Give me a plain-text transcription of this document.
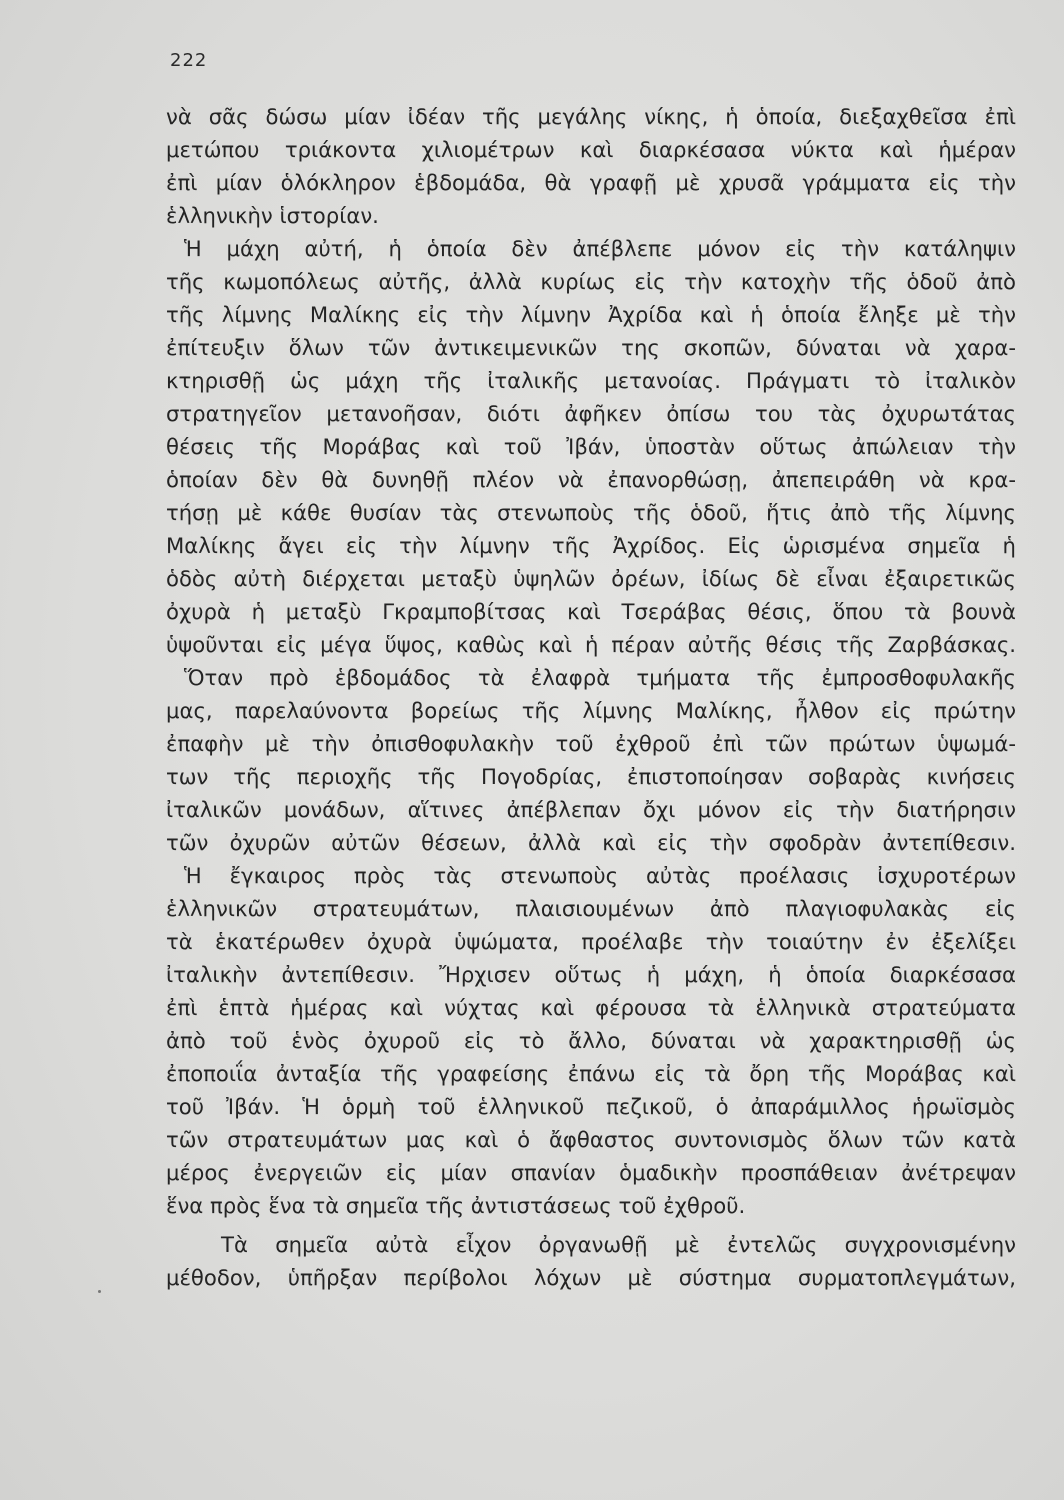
222
νὰ σᾶς δώσω μίαν ἰδέαν τῆς μεγάλης νίκης, ἡ ὁποία, διεξαχθεῖσα ἐπὶ
μετώπου τριάκοντα χιλιομέτρων καὶ διαρκέσασα νύκτα καὶ ἡμέραν
ἐπὶ μίαν ὁλόκληρον ἑβδομάδα, θὰ γραφῇ μὲ χρυσᾶ γράμματα εἰς τὴν
ἑλληνικὴν ἱστορίαν.
Ἡ μάχη αὐτή, ἡ ὁποία δὲν ἀπέβλεπε μόνον εἰς τὴν κατάληψιν
τῆς κωμοπόλεως αὐτῆς, ἀλλὰ κυρίως εἰς τὴν κατοχὴν τῆς ὁδοῦ ἀπὸ
τῆς λίμνης Μαλίκης εἰς τὴν λίμνην Ἀχρίδα καὶ ἡ ὁποία ἔληξε μὲ τὴν
ἐπίτευξιν ὅλων τῶν ἀντικειμενικῶν της σκοπῶν, δύναται νὰ χαρα-
κτηρισθῇ ὡς μάχη τῆς ἰταλικῆς μετανοίας. Πράγματι τὸ ἰταλικὸν
στρατηγεῖον μετανοῆσαν, διότι ἀφῆκεν ὀπίσω του τὰς ὀχυρωτάτας
θέσεις τῆς Μοράβας καὶ τοῦ Ἰβάν, ὑποστὰν οὕτως ἀπώλειαν τὴν
ὁποίαν δὲν θὰ δυνηθῇ πλέον νὰ ἐπανορθώσῃ, ἀπεπειράθη νὰ κρα-
τήσῃ μὲ κάθε θυσίαν τὰς στενωποὺς τῆς ὁδοῦ, ἥτις ἀπὸ τῆς λίμνης
Μαλίκης ἄγει εἰς τὴν λίμνην τῆς Ἀχρίδος. Εἰς ὡρισμένα σημεῖα ἡ
ὁδὸς αὐτὴ διέρχεται μεταξὺ ὑψηλῶν ὀρέων, ἰδίως δὲ εἶναι ἐξαιρετικῶς
ὀχυρὰ ἡ μεταξὺ Γκραμποβίτσας καὶ Τσεράβας θέσις, ὅπου τὰ βουνὰ
ὑψοῦνται εἰς μέγα ὕψος, καθὼς καὶ ἡ πέραν αὐτῆς θέσις τῆς Ζαρβάσκας.
Ὅταν πρὸ ἑβδομάδος τὰ ἐλαφρὰ τμήματα τῆς ἐμπροσθοφυλακῆς
μας, παρελαύνοντα βορείως τῆς λίμνης Μαλίκης, ἦλθον εἰς πρώτην
ἐπαφὴν μὲ τὴν ὀπισθοφυλακὴν τοῦ ἐχθροῦ ἐπὶ τῶν πρώτων ὑψωμά-
των τῆς περιοχῆς τῆς Πογοδρίας, ἐπιστοποίησαν σοβαρὰς κινήσεις
ἰταλικῶν μονάδων, αἵτινες ἀπέβλεπαν ὄχι μόνον εἰς τὴν διατήρησιν
τῶν ὀχυρῶν αὐτῶν θέσεων, ἀλλὰ καὶ εἰς τὴν σφοδρὰν ἀντεπίθεσιν.
Ἡ ἔγκαιρος πρὸς τὰς στενωποὺς αὐτὰς προέλασις ἰσχυροτέρων
ἑλληνικῶν στρατευμάτων, πλαισιουμένων ἀπὸ πλαγιοφυλακὰς εἰς
τὰ ἑκατέρωθεν ὀχυρὰ ὑψώματα, προέλαβε τὴν τοιαύτην ἐν ἐξελίξει
ἰταλικὴν ἀντεπίθεσιν. Ἤρχισεν οὕτως ἡ μάχη, ἡ ὁποία διαρκέσασα
ἐπὶ ἑπτὰ ἡμέρας καὶ νύχτας καὶ φέρουσα τὰ ἑλληνικὰ στρατεύματα
ἀπὸ τοῦ ἑνὸς ὀχυροῦ εἰς τὸ ἄλλο, δύναται νὰ χαρακτηρισθῇ ὡς
ἐποποιΐα ἀνταξία τῆς γραφείσης ἐπάνω εἰς τὰ ὄρη τῆς Μοράβας καὶ
τοῦ Ἰβάν. Ἡ ὁρμὴ τοῦ ἑλληνικοῦ πεζικοῦ, ὁ ἀπαράμιλλος ἡρωϊσμὸς
τῶν στρατευμάτων μας καὶ ὁ ἄφθαστος συντονισμὸς ὅλων τῶν κατὰ
μέρος ἐνεργειῶν εἰς μίαν σπανίαν ὁμαδικὴν προσπάθειαν ἀνέτρεψαν
ἕνα πρὸς ἕνα τὰ σημεῖα τῆς ἀντιστάσεως τοῦ ἐχθροῦ.
Τὰ σημεῖα αὐτὰ εἶχον ὀργανωθῇ μὲ ἐντελῶς συγχρονισμένην
μέθοδον, ὑπῆρξαν περίβολοι λόχων μὲ σύστημα συρματοπλεγμάτων,
